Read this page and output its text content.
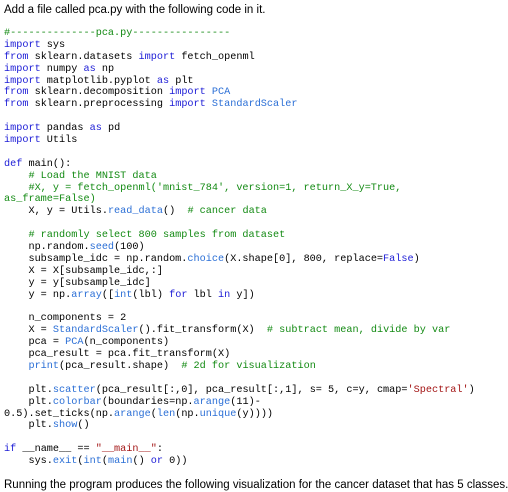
Add a file called pca.py with the following code in it.

#--------------pca.py----------------
import sys
from sklearn.datasets import fetch_openml
import numpy as np
import matplotlib.pyplot as plt
from sklearn.decomposition import PCA
from sklearn.preprocessing import StandardScaler
import pandas as pd
import Utils
def main():
# Load the MNIST data
#X, y = fetch_openml('mnist_784', version=1, return_X_y=True,
as_frame=False)
X, y = Utils.read_data()  # cancer data
# randomly select 800 samples from dataset
np.random.seed(100)
subsample_idc = np.random.choice(X.shape[0], 800, replace=False)
X = X[subsample_idc,:]
y = y[subsample_idc]
y = np.array([int(lbl) for lbl in y])
n_components = 2
X = StandardScaler().fit_transform(X)  # subtract mean, divide by var
pca = PCA(n_components)
pca_result = pca.fit_transform(X)
print(pca_result.shape)  # 2d for visualization
plt.scatter(pca_result[:,0], pca_result[:,1], s= 5, c=y, cmap='Spectral')
plt.colorbar(boundaries=np.arange(11)-
0.5).set_ticks(np.arange(len(np.unique(y))))
plt.show()
if __name__ == "__main__":
sys.exit(int(main() or 0))

Running the program produces the following visualization for the cancer dataset that has 5 classes.
